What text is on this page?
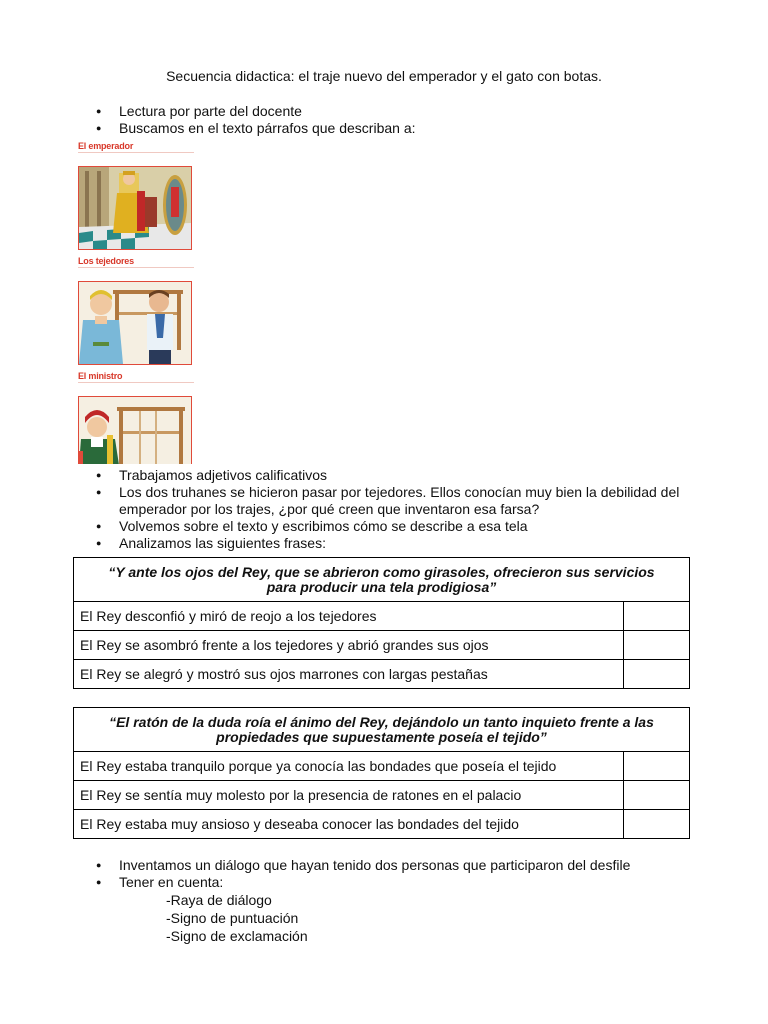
Secuencia didactica: el traje nuevo del emperador y el gato con botas.
● Lectura por parte del docente
● Buscamos en el texto párrafos que describan a:
El emperador
Los tejedores
El ministro
● Trabajamos adjetivos calificativos
● Los dos truhanes se hicieron pasar por tejedores. Ellos conocían muy bien la debilidad del emperador por los trajes, ¿por qué creen que inventaron esa farsa?
● Volvemos sobre el texto y escribimos cómo se describe a esa tela
● Analizamos las siguientes frases:
“Y ante los ojos del Rey, que se abrieron como girasoles, ofrecieron sus servicios para producir una tela prodigiosa”	
El Rey desconfió y miró de reojo a los tejedores	
El Rey se asombró frente a los tejedores y abrió grandes sus ojos	
El Rey se alegró y mostró sus ojos marrones con largas pestañas	
“El ratón de la duda roía el ánimo del Rey, dejándolo un tanto inquieto frente a las propiedades que supuestamente poseía el tejido”	
El Rey estaba tranquilo porque ya conocía las bondades que poseía el tejido	
El Rey se sentía muy molesto por la presencia de ratones en el palacio	
El Rey estaba muy ansioso y deseaba conocer las bondades del tejido	
● Inventamos un diálogo que hayan tenido dos personas que participaron del desfile
● Tener en cuenta:
-Raya de diálogo
-Signo de puntuación
-Signo de exclamación
